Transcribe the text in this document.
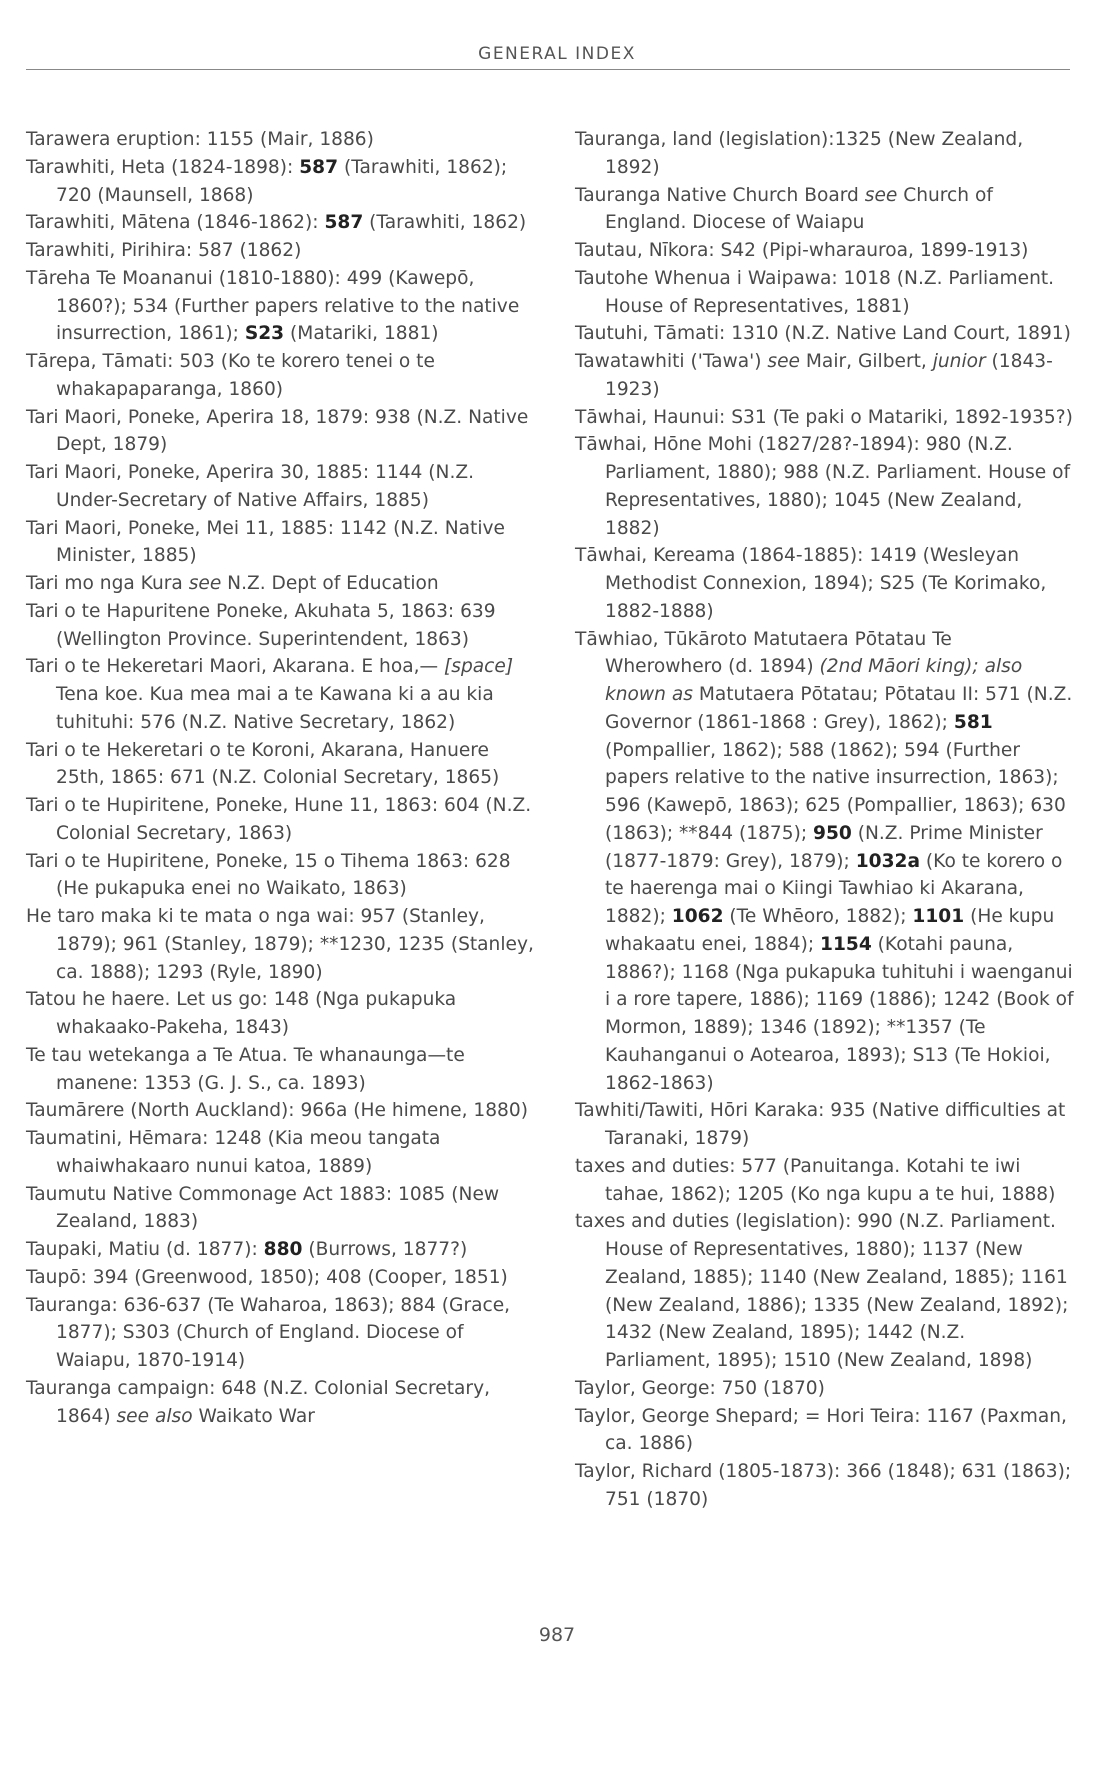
GENERAL INDEX

Tarawera eruption: 1155 (Mair, 1886)

Tarawhiti, Heta (1824-1898): 587 (Tarawhiti, 1862); 720 (Maunsell, 1868)

Tarawhiti, Mātena (1846-1862): 587 (Tarawhiti, 1862)

Tarawhiti, Pirihira: 587 (1862)

Tāreha Te Moananui (1810-1880): 499 (Kawepō, 1860?); 534 (Further papers relative to the native insurrection, 1861); S23 (Matariki, 1881)

Tārepa, Tāmati: 503 (Ko te korero tenei o te whakapaparanga, 1860)

Tari Maori, Poneke, Aperira 18, 1879: 938 (N.Z. Native Dept, 1879)

Tari Maori, Poneke, Aperira 30, 1885: 1144 (N.Z. Under-Secretary of Native Affairs, 1885)

Tari Maori, Poneke, Mei 11, 1885: 1142 (N.Z. Native Minister, 1885)

Tari mo nga Kura see N.Z. Dept of Education

Tari o te Hapuritene Poneke, Akuhata 5, 1863: 639 (Wellington Province. Superintendent, 1863)

Tari o te Hekeretari Maori, Akarana. E hoa,— [space] Tena koe. Kua mea mai a te Kawana ki a au kia tuhituhi: 576 (N.Z. Native Secretary, 1862)

Tari o te Hekeretari o te Koroni, Akarana, Hanuere 25th, 1865: 671 (N.Z. Colonial Secretary, 1865)

Tari o te Hupiritene, Poneke, Hune 11, 1863: 604 (N.Z. Colonial Secretary, 1863)

Tari o te Hupiritene, Poneke, 15 o Tihema 1863: 628 (He pukapuka enei no Waikato, 1863)

He taro maka ki te mata o nga wai: 957 (Stanley, 1879); 961 (Stanley, 1879); **1230, 1235 (Stanley, ca. 1888); 1293 (Ryle, 1890)

Tatou he haere. Let us go: 148 (Nga pukapuka whakaako-Pakeha, 1843)

Te tau wetekanga a Te Atua. Te whanaunga—te manene: 1353 (G. J. S., ca. 1893)

Taumārere (North Auckland): 966a (He himene, 1880)

Taumatini, Hēmara: 1248 (Kia meou tangata whaiwhakaaro nunui katoa, 1889)

Taumutu Native Commonage Act 1883: 1085 (New Zealand, 1883)

Taupaki, Matiu (d. 1877): 880 (Burrows, 1877?)

Taupō: 394 (Greenwood, 1850); 408 (Cooper, 1851)

Tauranga: 636-637 (Te Waharoa, 1863); 884 (Grace, 1877); S303 (Church of England. Diocese of Waiapu, 1870-1914)

Tauranga campaign: 648 (N.Z. Colonial Secretary, 1864) see also Waikato War

Tauranga, land (legislation):1325 (New Zealand, 1892)

Tauranga Native Church Board see Church of England. Diocese of Waiapu

Tautau, Nīkora: S42 (Pipi-wharauroa, 1899-1913)

Tautohe Whenua i Waipawa: 1018 (N.Z. Parliament. House of Representatives, 1881)

Tautuhi, Tāmati: 1310 (N.Z. Native Land Court, 1891)

Tawatawhiti ('Tawa') see Mair, Gilbert, junior (1843-1923)

Tāwhai, Haunui: S31 (Te paki o Matariki, 1892-1935?)

Tāwhai, Hōne Mohi (1827/28?-1894): 980 (N.Z. Parliament, 1880); 988 (N.Z. Parliament. House of Representatives, 1880); 1045 (New Zealand, 1882)

Tāwhai, Kereama (1864-1885): 1419 (Wesleyan Methodist Connexion, 1894); S25 (Te Korimako, 1882-1888)

Tāwhiao, Tūkāroto Matutaera Pōtatau Te Wherowhero (d. 1894) (2nd Māori king); also known as Matutaera Pōtatau; Pōtatau II: 571 (N.Z. Governor (1861-1868 : Grey), 1862); 581 (Pompallier, 1862); 588 (1862); 594 (Further papers relative to the native insurrection, 1863); 596 (Kawepō, 1863); 625 (Pompallier, 1863); 630 (1863); **844 (1875); 950 (N.Z. Prime Minister (1877-1879: Grey), 1879); 1032a (Ko te korero o te haerenga mai o Kiingi Tawhiao ki Akarana, 1882); 1062 (Te Whēoro, 1882); 1101 (He kupu whakaatu enei, 1884); 1154 (Kotahi pauna, 1886?); 1168 (Nga pukapuka tuhituhi i waenganui i a rore tapere, 1886); 1169 (1886); 1242 (Book of Mormon, 1889); 1346 (1892); **1357 (Te Kauhanganui o Aotearoa, 1893); S13 (Te Hokioi, 1862-1863)

Tawhiti/Tawiti, Hōri Karaka: 935 (Native difficulties at Taranaki, 1879)

taxes and duties: 577 (Panuitanga. Kotahi te iwi tahae, 1862); 1205 (Ko nga kupu a te hui, 1888)

taxes and duties (legislation): 990 (N.Z. Parliament. House of Representatives, 1880); 1137 (New Zealand, 1885); 1140 (New Zealand, 1885); 1161 (New Zealand, 1886); 1335 (New Zealand, 1892); 1432 (New Zealand, 1895); 1442 (N.Z. Parliament, 1895); 1510 (New Zealand, 1898)

Taylor, George: 750 (1870)

Taylor, George Shepard; = Hori Teira: 1167 (Paxman, ca. 1886)

Taylor, Richard (1805-1873): 366 (1848); 631 (1863); 751 (1870)

987
